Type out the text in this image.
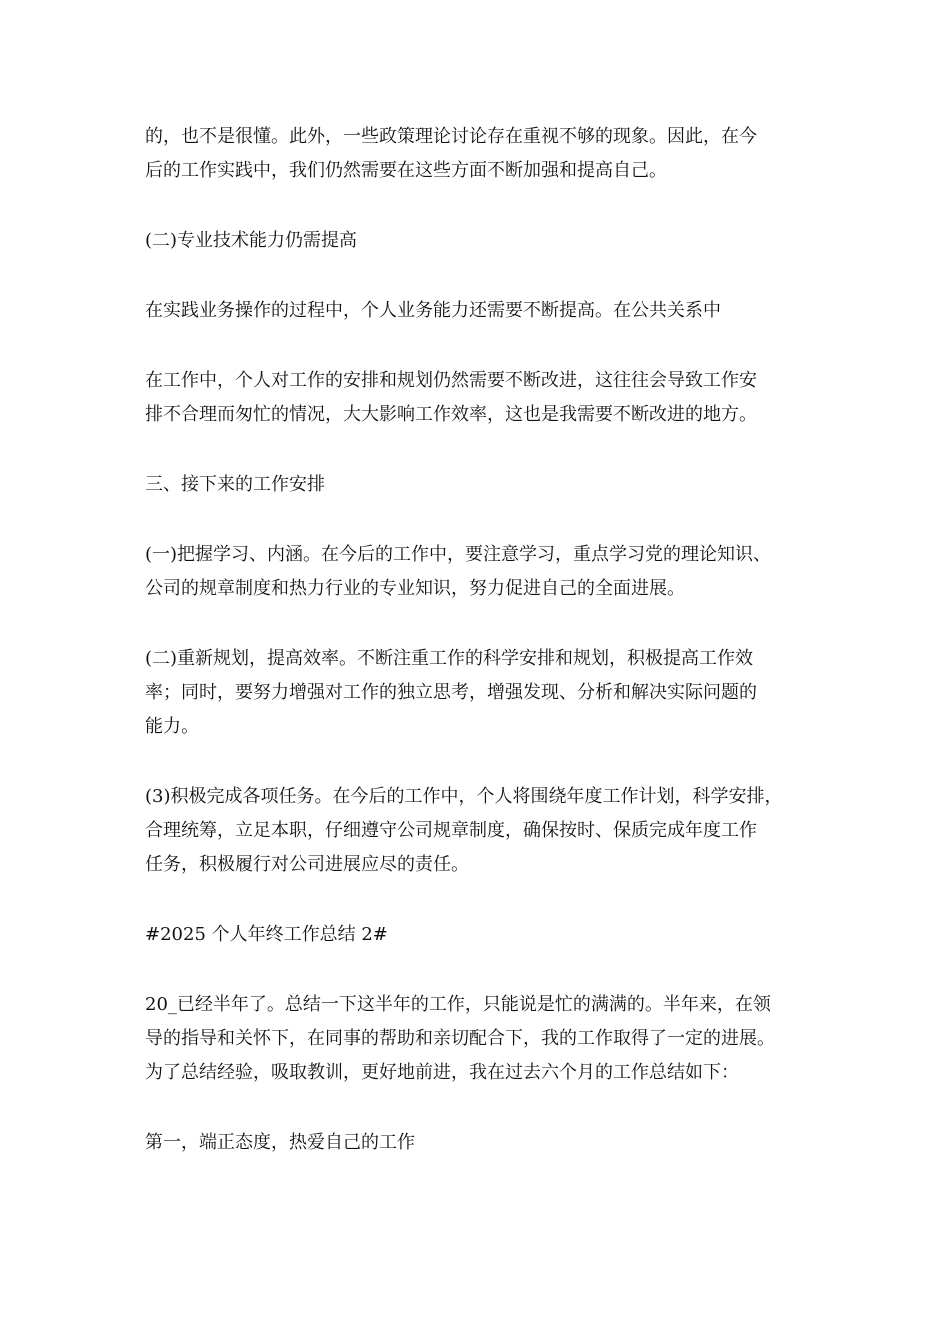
的，也不是很懂。此外，一些政策理论讨论存在重视不够的现象。因此，在今
后的工作实践中，我们仍然需要在这些方面不断加强和提高自己。

(二)专业技术能力仍需提高

在实践业务操作的过程中，个人业务能力还需要不断提高。在公共关系中

在工作中，个人对工作的安排和规划仍然需要不断改进，这往往会导致工作安
排不合理而匆忙的情况，大大影响工作效率，这也是我需要不断改进的地方。

三、接下来的工作安排

(一)把握学习、内涵。在今后的工作中，要注意学习，重点学习党的理论知识、
公司的规章制度和热力行业的专业知识，努力促进自己的全面进展。

(二)重新规划，提高效率。不断注重工作的科学安排和规划，积极提高工作效
率；同时，要努力增强对工作的独立思考，增强发现、分析和解决实际问题的
能力。

(3)积极完成各项任务。在今后的工作中，个人将围绕年度工作计划，科学安排，
合理统筹，立足本职，仔细遵守公司规章制度，确保按时、保质完成年度工作
任务，积极履行对公司进展应尽的责任。

#2025 个人年终工作总结 2#

20_已经半年了。总结一下这半年的工作，只能说是忙的满满的。半年来，在领
导的指导和关怀下，在同事的帮助和亲切配合下，我的工作取得了一定的进展。
为了总结经验，吸取教训，更好地前进，我在过去六个月的工作总结如下：

第一，端正态度，热爱自己的工作
